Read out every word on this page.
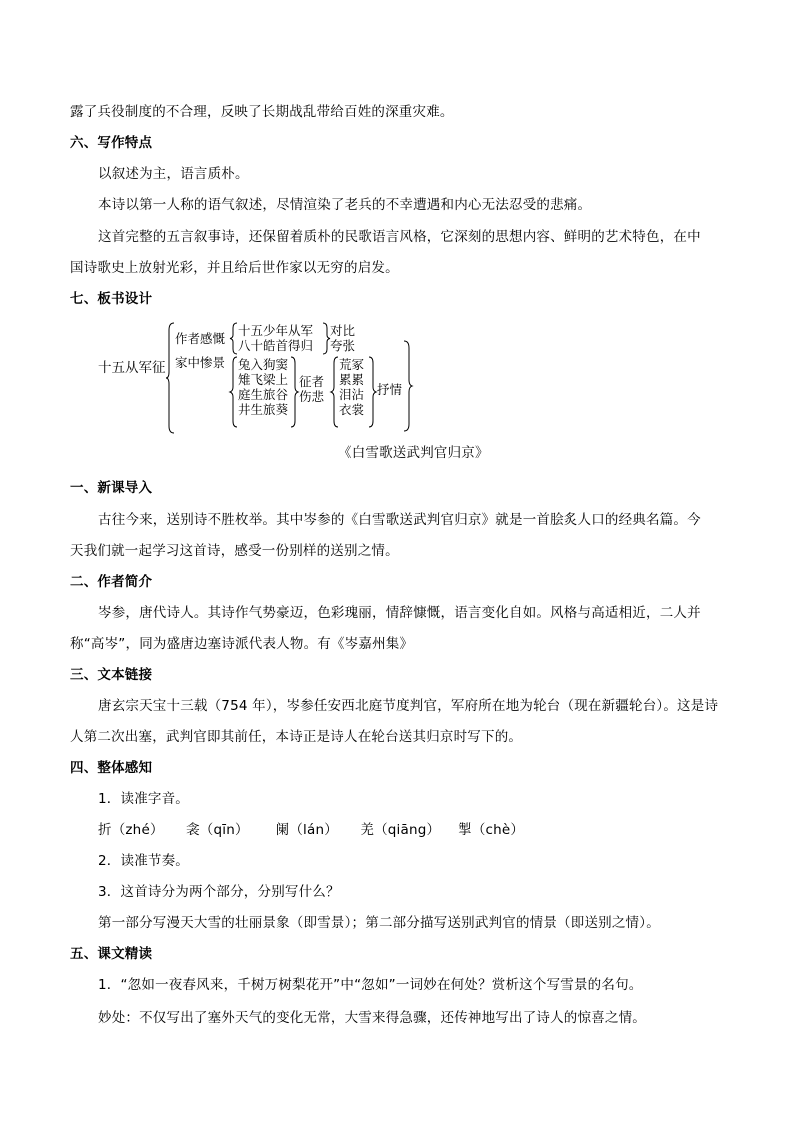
露了兵役制度的不合理，反映了长期战乱带给百姓的深重灾难。
六、写作特点
以叙述为主，语言质朴。
本诗以第一人称的语气叙述，尽情渲染了老兵的不幸遭遇和内心无法忍受的悲痛。
这首完整的五言叙事诗，还保留着质朴的民歌语言风格，它深刻的思想内容、鲜明的艺术特色，在中
国诗歌史上放射光彩，并且给后世作家以无穷的启发。
七、板书设计
十五从军征
作者感慨
十五少年从军
八十皓首得归
对比
夸张
家中惨景 兔入狗窦
雉飞梁上
庭生旅谷
井生旅葵
征者
伤悲
荒冢
累累
泪沾
衣裳
抒情
《白雪歌送武判官归京》
一、新课导入
古往今来，送别诗不胜枚举。其中岑参的《白雪歌送武判官归京》就是一首脍炙人口的经典名篇。今
天我们就一起学习这首诗，感受一份别样的送别之情。
二、作者简介
岑参，唐代诗人。其诗作气势豪迈，色彩瑰丽，情辞慷慨，语言变化自如。风格与高适相近，二人并
称“高岑”，同为盛唐边塞诗派代表人物。有《岑嘉州集》
三、文本链接
唐玄宗天宝十三载（754 年），岑参任安西北庭节度判官，军府所在地为轮台（现在新疆轮台）。这是诗
人第二次出塞，武判官即其前任，本诗正是诗人在轮台送其归京时写下的。
四、整体感知
1．读准字音。
折（zhé）     衾（qīn）      阑（lán）     羌（qiāng）    掣（chè）
2．读准节奏。
3．这首诗分为两个部分，分别写什么？
第一部分写漫天大雪的壮丽景象（即雪景）；第二部分描写送别武判官的情景（即送别之情）。
五、课文精读
1．“忽如一夜春风来，千树万树梨花开”中“忽如”一词妙在何处？赏析这个写雪景的名句。
妙处：不仅写出了塞外天气的变化无常，大雪来得急骤，还传神地写出了诗人的惊喜之情。
